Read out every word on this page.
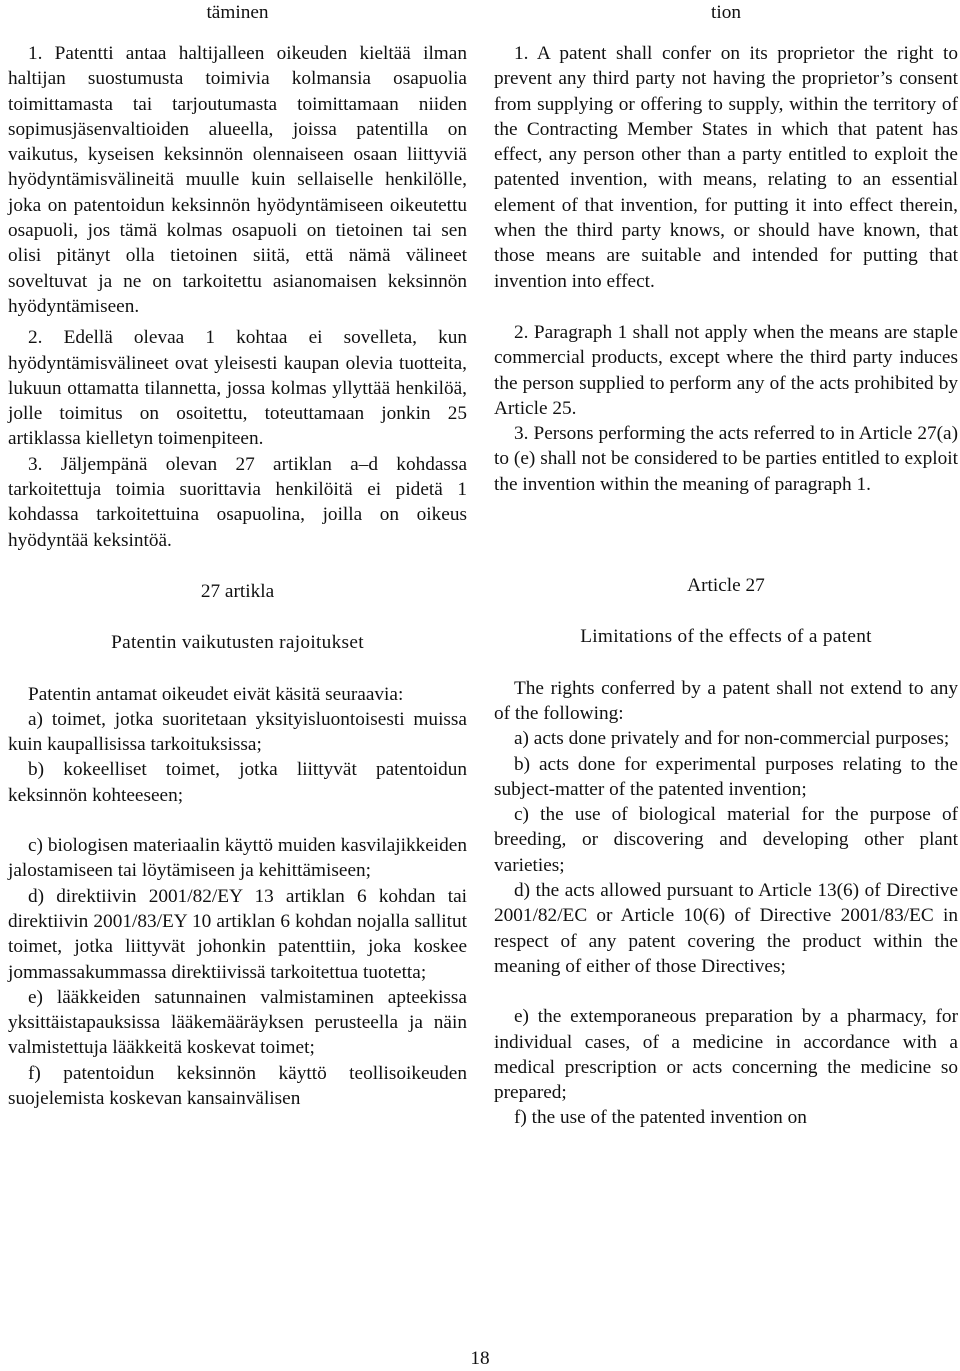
täminen

1. Patentti antaa haltijalleen oikeuden kieltää ilman haltijan suostumusta toimivia kolmansia osapuolia toimittamasta tai tarjoutumasta toimittamaan niiden sopimusjäsenvaltioiden alueella, joissa patentilla on vaikutus, kyseisen keksinnön olennaiseen osaan liittyviä hyödyntämisvälineitä muulle kuin sellaiselle henkilölle, joka on patentoidun keksinnön hyödyntämiseen oikeutettu osapuoli, jos tämä kolmas osapuoli on tietoinen tai sen olisi pitänyt olla tietoinen siitä, että nämä välineet soveltuvat ja ne on tarkoitettu asianomaisen keksinnön hyödyntämiseen.

2. Edellä olevaa 1 kohtaa ei sovelleta, kun hyödyntämisvälineet ovat yleisesti kaupan olevia tuotteita, lukuun ottamatta tilannetta, jossa kolmas yllyttää henkilöä, jolle toimitus on osoitettu, toteuttamaan jonkin 25 artiklassa kielletyn toimenpiteen.

3. Jäljempänä olevan 27 artiklan a–d kohdassa tarkoitettuja toimia suorittavia henkilöitä ei pidetä 1 kohdassa tarkoitettuina osapuolina, joilla on oikeus hyödyntää keksintöä.

27 artikla

Patentin vaikutusten rajoitukset

Patentin antamat oikeudet eivät käsitä seuraavia:

a) toimet, jotka suoritetaan yksityisluontoisesti muissa kuin kaupallisissa tarkoituksissa;

b) kokeelliset toimet, jotka liittyvät patentoidun keksinnön kohteeseen;

c) biologisen materiaalin käyttö muiden kasvilajikkeiden jalostamiseen tai löytämiseen ja kehittämiseen;

d) direktiivin 2001/82/EY 13 artiklan 6 kohdan tai direktiivin 2001/83/EY 10 artiklan 6 kohdan nojalla sallitut toimet, jotka liittyvät johonkin patenttiin, joka koskee jommassakummassa direktiivissä tarkoitettua tuotetta;

e) lääkkeiden satunnainen valmistaminen apteekissa yksittäistapauksissa lääkemääräyksen perusteella ja näin valmistettuja lääkkeitä koskevat toimet;

f) patentoidun keksinnön käyttö teollisoikeuden suojelemista koskevan kansainvälisen

tion

1. A patent shall confer on its proprietor the right to prevent any third party not having the proprietor’s consent from supplying or offering to supply, within the territory of the Contracting Member States in which that patent has effect, any person other than a party entitled to exploit the patented invention, with means, relating to an essential element of that invention, for putting it into effect therein, when the third party knows, or should have known, that those means are suitable and intended for putting that invention into effect.

2. Paragraph 1 shall not apply when the means are staple commercial products, except where the third party induces the person supplied to perform any of the acts prohibited by Article 25.

3. Persons performing the acts referred to in Article 27(a) to (e) shall not be considered to be parties entitled to exploit the invention within the meaning of paragraph 1.

Article 27

Limitations of the effects of a patent

The rights conferred by a patent shall not extend to any of the following:

a) acts done privately and for non-commercial purposes;

b) acts done for experimental purposes relating to the subject-matter of the patented invention;

c) the use of biological material for the purpose of breeding, or discovering and developing other plant varieties;

d) the acts allowed pursuant to Article 13(6) of Directive 2001/82/EC or Article 10(6) of Directive 2001/83/EC in respect of any patent covering the product within the meaning of either of those Directives;

e) the extemporaneous preparation by a pharmacy, for individual cases, of a medicine in accordance with a medical prescription or acts concerning the medicine so prepared;

f) the use of the patented invention on

18
